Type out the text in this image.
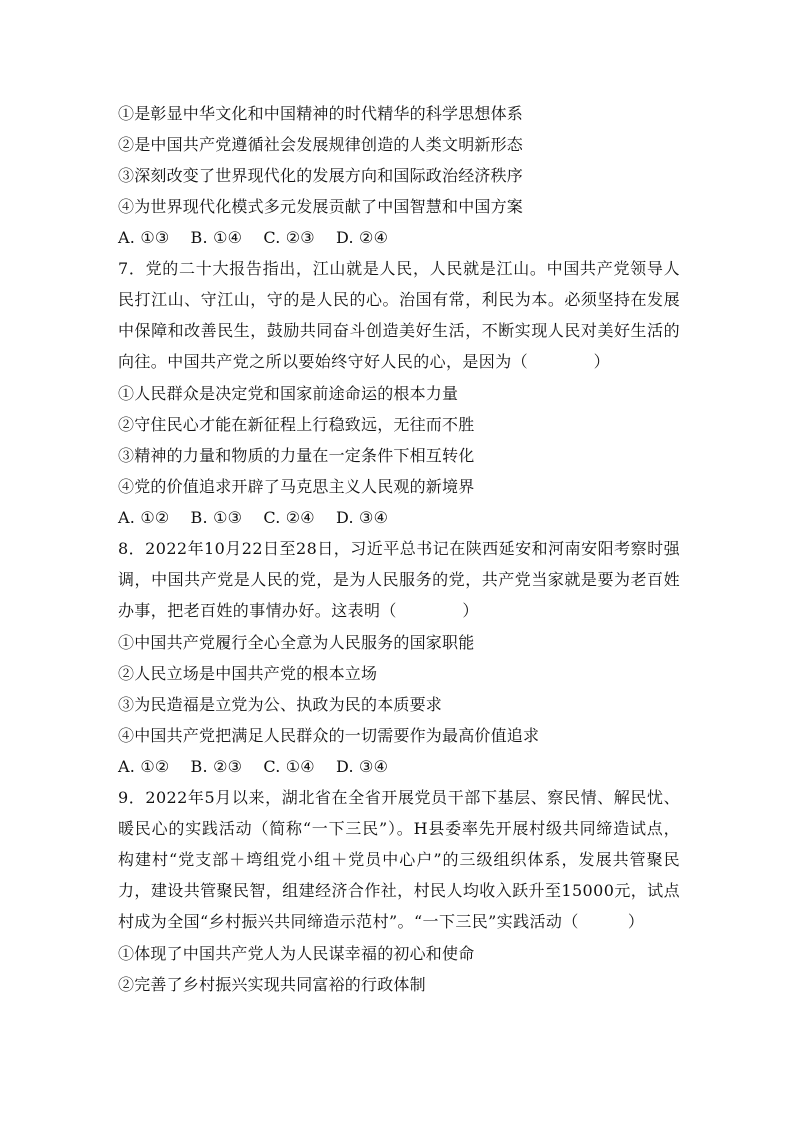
①是彰显中华文化和中国精神的时代精华的科学思想体系
②是中国共产党遵循社会发展规律创造的人类文明新形态
③深刻改变了世界现代化的发展方向和国际政治经济秩序
④为世界现代化模式多元发展贡献了中国智慧和中国方案
A. ①③    B. ①④    C. ②③    D. ②④
7．党的二十大报告指出，江山就是人民，人民就是江山。中国共产党领导人民打江山、守江山，守的是人民的心。治国有常，利民为本。必须坚持在发展中保障和改善民生，鼓励共同奋斗创造美好生活，不断实现人民对美好生活的向往。中国共产党之所以要始终守好人民的心，是因为（　　　　）
①人民群众是决定党和国家前途命运的根本力量
②守住民心才能在新征程上行稳致远，无往而不胜
③精神的力量和物质的力量在一定条件下相互转化
④党的价值追求开辟了马克思主义人民观的新境界
A. ①②    B. ①③    C. ②④    D. ③④
8．2022年10月22日至28日，习近平总书记在陕西延安和河南安阳考察时强调，中国共产党是人民的党，是为人民服务的党，共产党当家就是要为老百姓办事，把老百姓的事情办好。这表明（　　　　）
①中国共产党履行全心全意为人民服务的国家职能
②人民立场是中国共产党的根本立场
③为民造福是立党为公、执政为民的本质要求
④中国共产党把满足人民群众的一切需要作为最高价值追求
A. ①②    B. ②③    C. ①④    D. ③④
9．2022年5月以来，湖北省在全省开展党员干部下基层、察民情、解民忧、暖民心的实践活动（简称“一下三民”）。H县委率先开展村级共同缔造试点，构建村“党支部＋塆组党小组＋党员中心户”的三级组织体系，发展共管聚民力，建设共管聚民智，组建经济合作社，村民人均收入跃升至15000元，试点村成为全国“乡村振兴共同缔造示范村”。“一下三民”实践活动（　　　）
①体现了中国共产党人为人民谋幸福的初心和使命
②完善了乡村振兴实现共同富裕的行政体制
